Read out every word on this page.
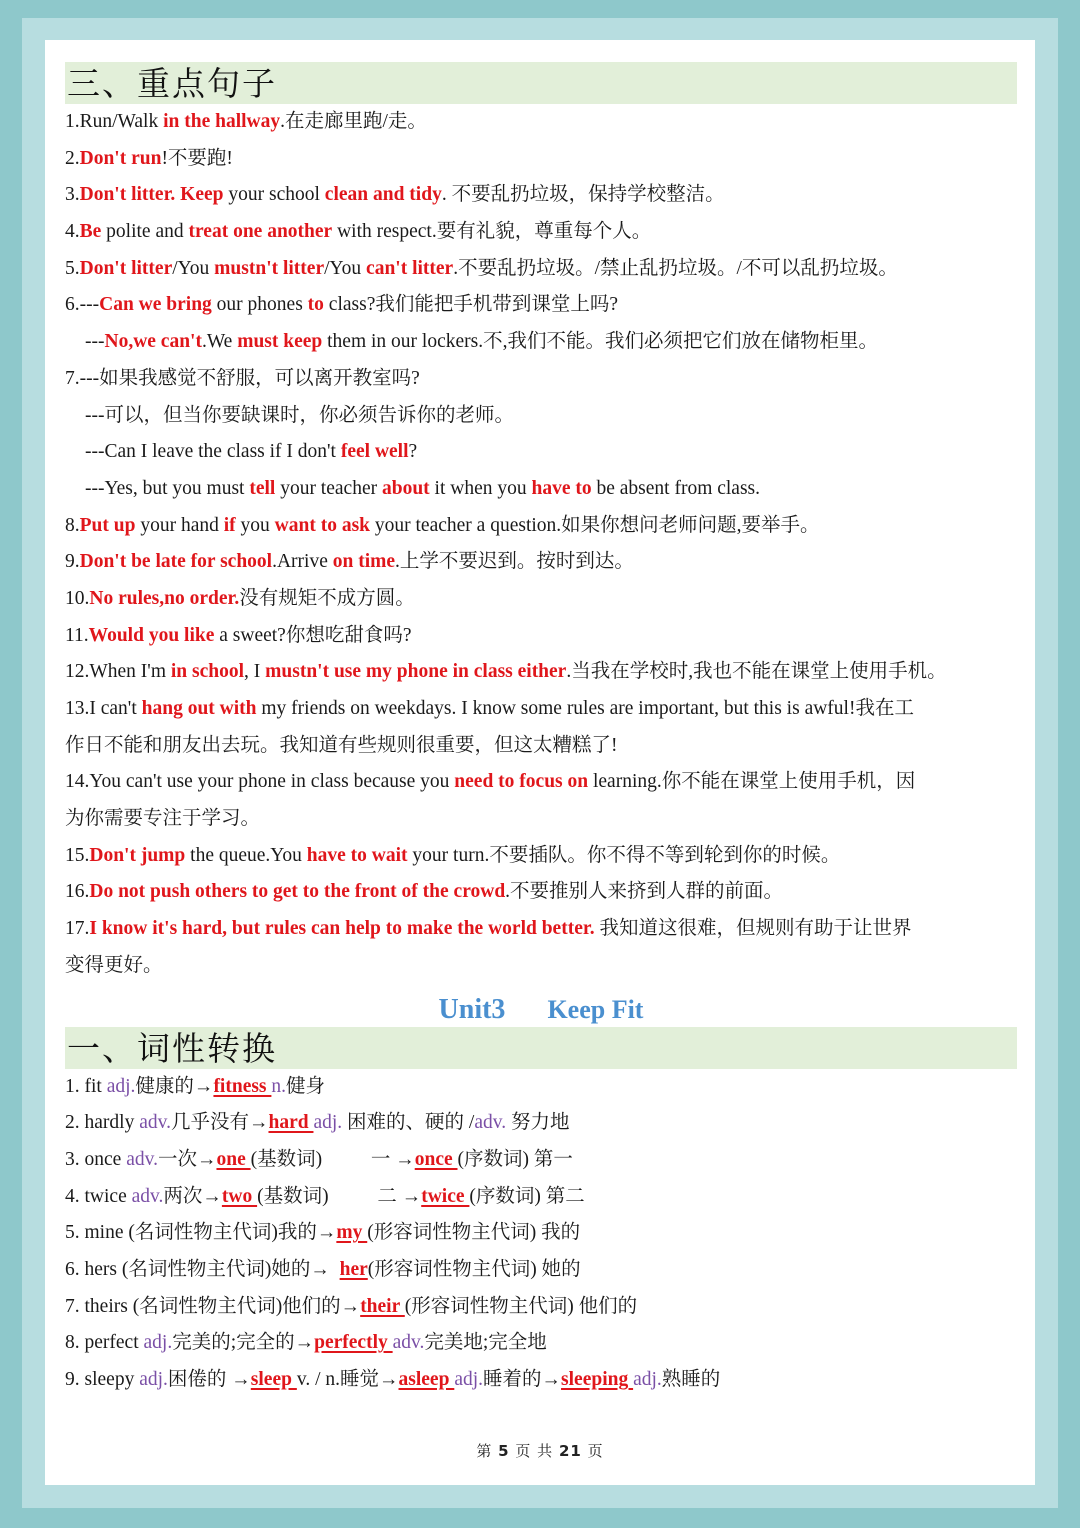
三、重点句子
1.Run/Walk in the hallway.在走廊里跑/走。
2.Don't run!不要跑!
3.Don't litter. Keep your school clean and tidy. 不要乱扔垃圾，保持学校整洁。
4.Be polite and treat one another with respect.要有礼貌，尊重每个人。
5.Don't litter/You mustn't litter/You can't litter.不要乱扔垃圾。/禁止乱扔垃圾。/不可以乱扔垃圾。
6.---Can we bring our phones to class?我们能把手机带到课堂上吗?
---No,we can't.We must keep them in our lockers.不,我们不能。我们必须把它们放在储物柜里。
7.---如果我感觉不舒服，可以离开教室吗?
---可以，但当你要缺课时，你必须告诉你的老师。
---Can I leave the class if I don't feel well?
---Yes, but you must tell your teacher about it when you have to be absent from class.
8.Put up your hand if you want to ask your teacher a question.如果你想问老师问题,要举手。
9.Don't be late for school.Arrive on time.上学不要迟到。按时到达。
10.No rules,no order.没有规矩不成方圆。
11.Would you like a sweet?你想吃甜食吗?
12.When I'm in school, I mustn't use my phone in class either.当我在学校时,我也不能在课堂上使用手机。
13.I can't hang out with my friends on weekdays. I know some rules are important, but this is awful!我在工
作日不能和朋友出去玩。我知道有些规则很重要，但这太糟糕了!
14.You can't use your phone in class because you need to focus on learning.你不能在课堂上使用手机，因
为你需要专注于学习。
15.Don't jump the queue.You have to wait your turn.不要插队。你不得不等到轮到你的时候。
16.Do not push others to get to the front of the crowd.不要推别人来挤到人群的前面。
17.I know it's hard, but rules can help to make the world better. 我知道这很难，但规则有助于让世界
变得更好。
Unit3 Keep Fit
一、词性转换
1. fit adj.健康的→fitness n.健身
2. hardly adv.几乎没有→hard adj. 困难的、硬的 /adv. 努力地
3. once adv.一次→one (基数词)          一 →once (序数词) 第一
4. twice adv.两次→two (基数词)          二 →twice (序数词) 第二
5. mine (名词性物主代词)我的→my (形容词性物主代词) 我的
6. hers (名词性物主代词)她的→  her(形容词性物主代词) 她的
7. theirs (名词性物主代词)他们的→their (形容词性物主代词) 他们的
8. perfect adj.完美的;完全的→perfectly adv.完美地;完全地
9. sleepy adj.困倦的 →sleep v. / n.睡觉→asleep adj.睡着的→sleeping adj.熟睡的
第 5 页 共 21 页
